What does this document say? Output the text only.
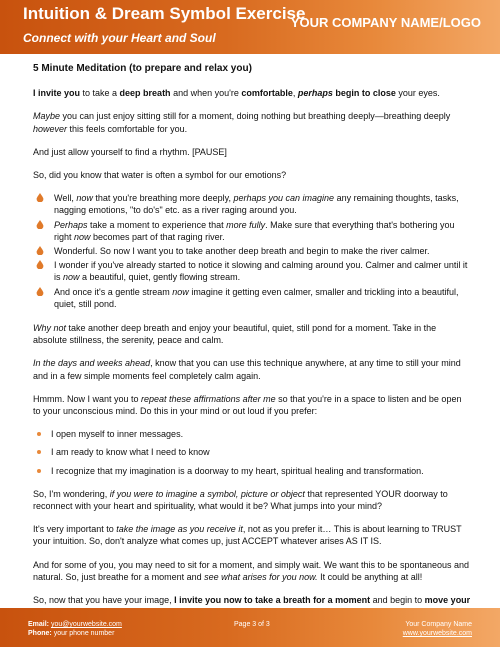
Intuition & Dream Symbol Exercise
Connect with your Heart and Soul
YOUR COMPANY NAME/LOGO
5 Minute Meditation (to prepare and relax you)

I invite you to take a deep breath and when you're comfortable, perhaps begin to close your eyes.

Maybe you can just enjoy sitting still for a moment, doing nothing but breathing deeply—breathing deeply however this feels comfortable for you.

And just allow yourself to find a rhythm. [PAUSE]

So, did you know that water is often a symbol for our emotions?

Well, now that you're breathing more deeply, perhaps you can imagine any remaining thoughts, tasks, nagging emotions, "to do's" etc. as a river raging around you.
Perhaps take a moment to experience that more fully. Make sure that everything that's bothering you right now becomes part of that raging river.
Wonderful. So now I want you to take another deep breath and begin to make the river calmer.
I wonder if you've already started to notice it slowing and calming around you. Calmer and calmer until it is now a beautiful, quiet, gently flowing stream.
And once it's a gentle stream now imagine it getting even calmer, smaller and trickling into a beautiful, quiet, still pond.

Why not take another deep breath and enjoy your beautiful, quiet, still pond for a moment. Take in the absolute stillness, the serenity, peace and calm.

In the days and weeks ahead, know that you can use this technique anywhere, at any time to still your mind and in a few simple moments feel completely calm again.

Hmmm. Now I want you to repeat these affirmations after me so that you're in a space to listen and be open to your unconscious mind. Do this in your mind or out loud if you prefer:

I open myself to inner messages.
I am ready to know what I need to know
I recognize that my imagination is a doorway to my heart, spiritual healing and transformation.

So, I'm wondering, if you were to imagine a symbol, picture or object that represented YOUR doorway to reconnect with your heart and spirituality, what would it be? What jumps into your mind?

It's very important to take the image as you receive it, not as you prefer it… This is about learning to TRUST your intuition. So, don't analyze what comes up, just ACCEPT whatever arises AS IT IS.

And for some of you, you may need to sit for a moment, and simply wait. We want this to be spontaneous and natural. So, just breathe for a moment and see what arises for you now. It could be anything at all!

So, now that you have your image, I invite you now to take a breath for a moment and begin to move your

Email: you@yourwebsite.com
Phone: your phone number
Page 3 of 3	Your Company Name
www.yourwebsite.com
